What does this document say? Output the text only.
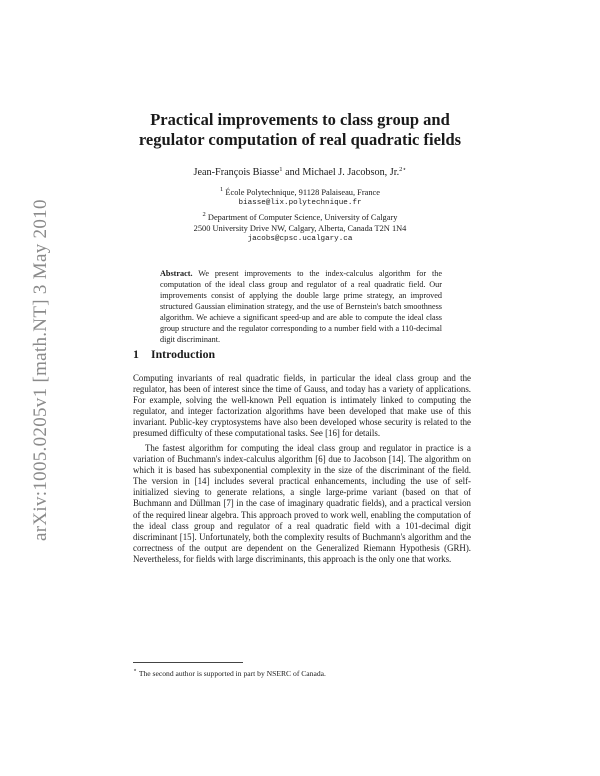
arXiv:1005.0205v1 [math.NT] 3 May 2010
Practical improvements to class group and
regulator computation of real quadratic fields
Jean-François Biasse$^1$ and Michael J. Jacobson, Jr.$^{2⋆}$
$^1$ École Polytechnique, 91128 Palaiseau, France
biasse@lix.polytechnique.fr
$^2$ Department of Computer Science, University of Calgary
2500 University Drive NW, Calgary, Alberta, Canada T2N 1N4
jacobs@cpsc.ucalgary.ca
Abstract. We present improvements to the index-calculus algorithm for the computation of the ideal class group and regulator of a real quadratic field. Our improvements consist of applying the double large prime strategy, an improved structured Gaussian elimination strategy, and the use of Bernstein's batch smoothness algorithm. We achieve a significant speed-up and are able to compute the ideal class group structure and the regulator corresponding to a number field with a 110-decimal digit discriminant.
1 Introduction
Computing invariants of real quadratic fields, in particular the ideal class group and the regulator, has been of interest since the time of Gauss, and today has a variety of applications. For example, solving the well-known Pell equation is intimately linked to computing the regulator, and integer factorization algorithms have been developed that make use of this invariant. Public-key cryptosystems have also been developed whose security is related to the presumed difficulty of these computational tasks. See [16] for details.
The fastest algorithm for computing the ideal class group and regulator in practice is a variation of Buchmann's index-calculus algorithm [6] due to Jacobson [14]. The algorithm on which it is based has subexponential complexity in the size of the discriminant of the field. The version in [14] includes several practical enhancements, including the use of self-initialized sieving to generate relations, a single large-prime variant (based on that of Buchmann and Düllman [7] in the case of imaginary quadratic fields), and a practical version of the required linear algebra. This approach proved to work well, enabling the computation of the ideal class group and regulator of a real quadratic field with a 101-decimal digit discriminant [15]. Unfortunately, both the complexity results of Buchmann's algorithm and the correctness of the output are dependent on the Generalized Riemann Hypothesis (GRH). Nevertheless, for fields with large discriminants, this approach is the only one that works.
⋆ The second author is supported in part by NSERC of Canada.
